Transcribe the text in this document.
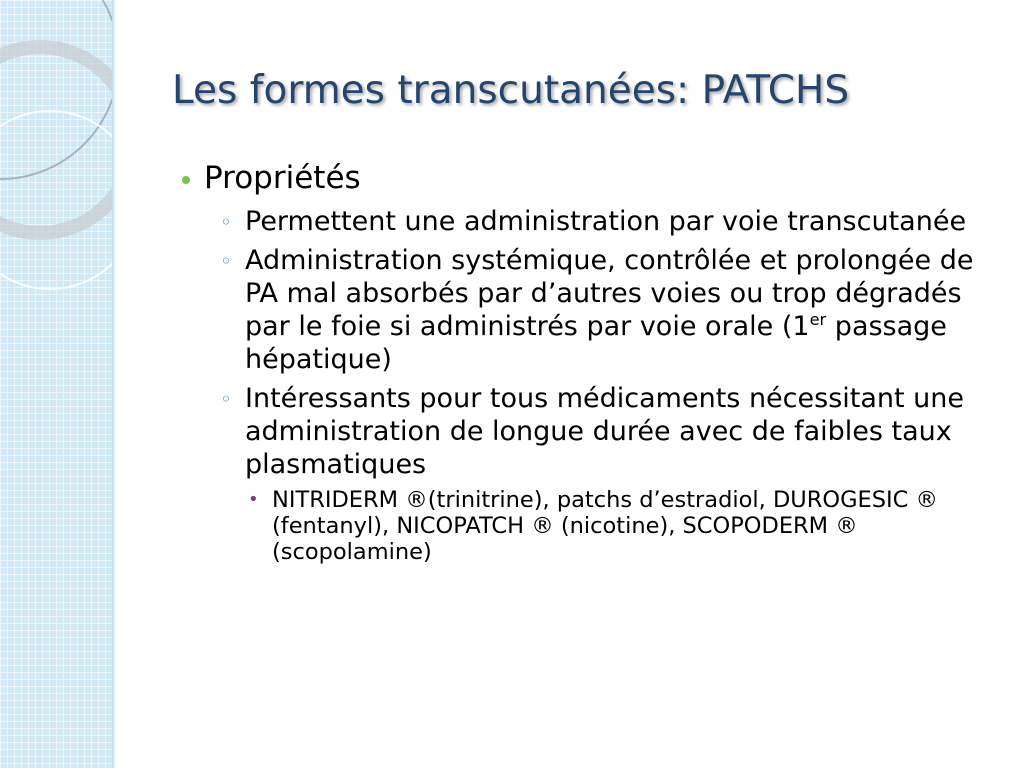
Les formes transcutanées: PATCHS
Propriétés
◦ Permettent une administration par voie transcutanée
◦ Administration systémique, contrôlée et prolongée de PA mal absorbés par d’autres voies ou trop dégradés par le foie si administrés par voie orale (1er passage hépatique)
◦ Intéressants pour tous médicaments nécessitant une administration de longue durée avec de faibles taux plasmatiques
• NITRIDERM ®(trinitrine), patchs d’estradiol, DUROGESIC ® (fentanyl), NICOPATCH ® (nicotine), SCOPODERM ® (scopolamine)
